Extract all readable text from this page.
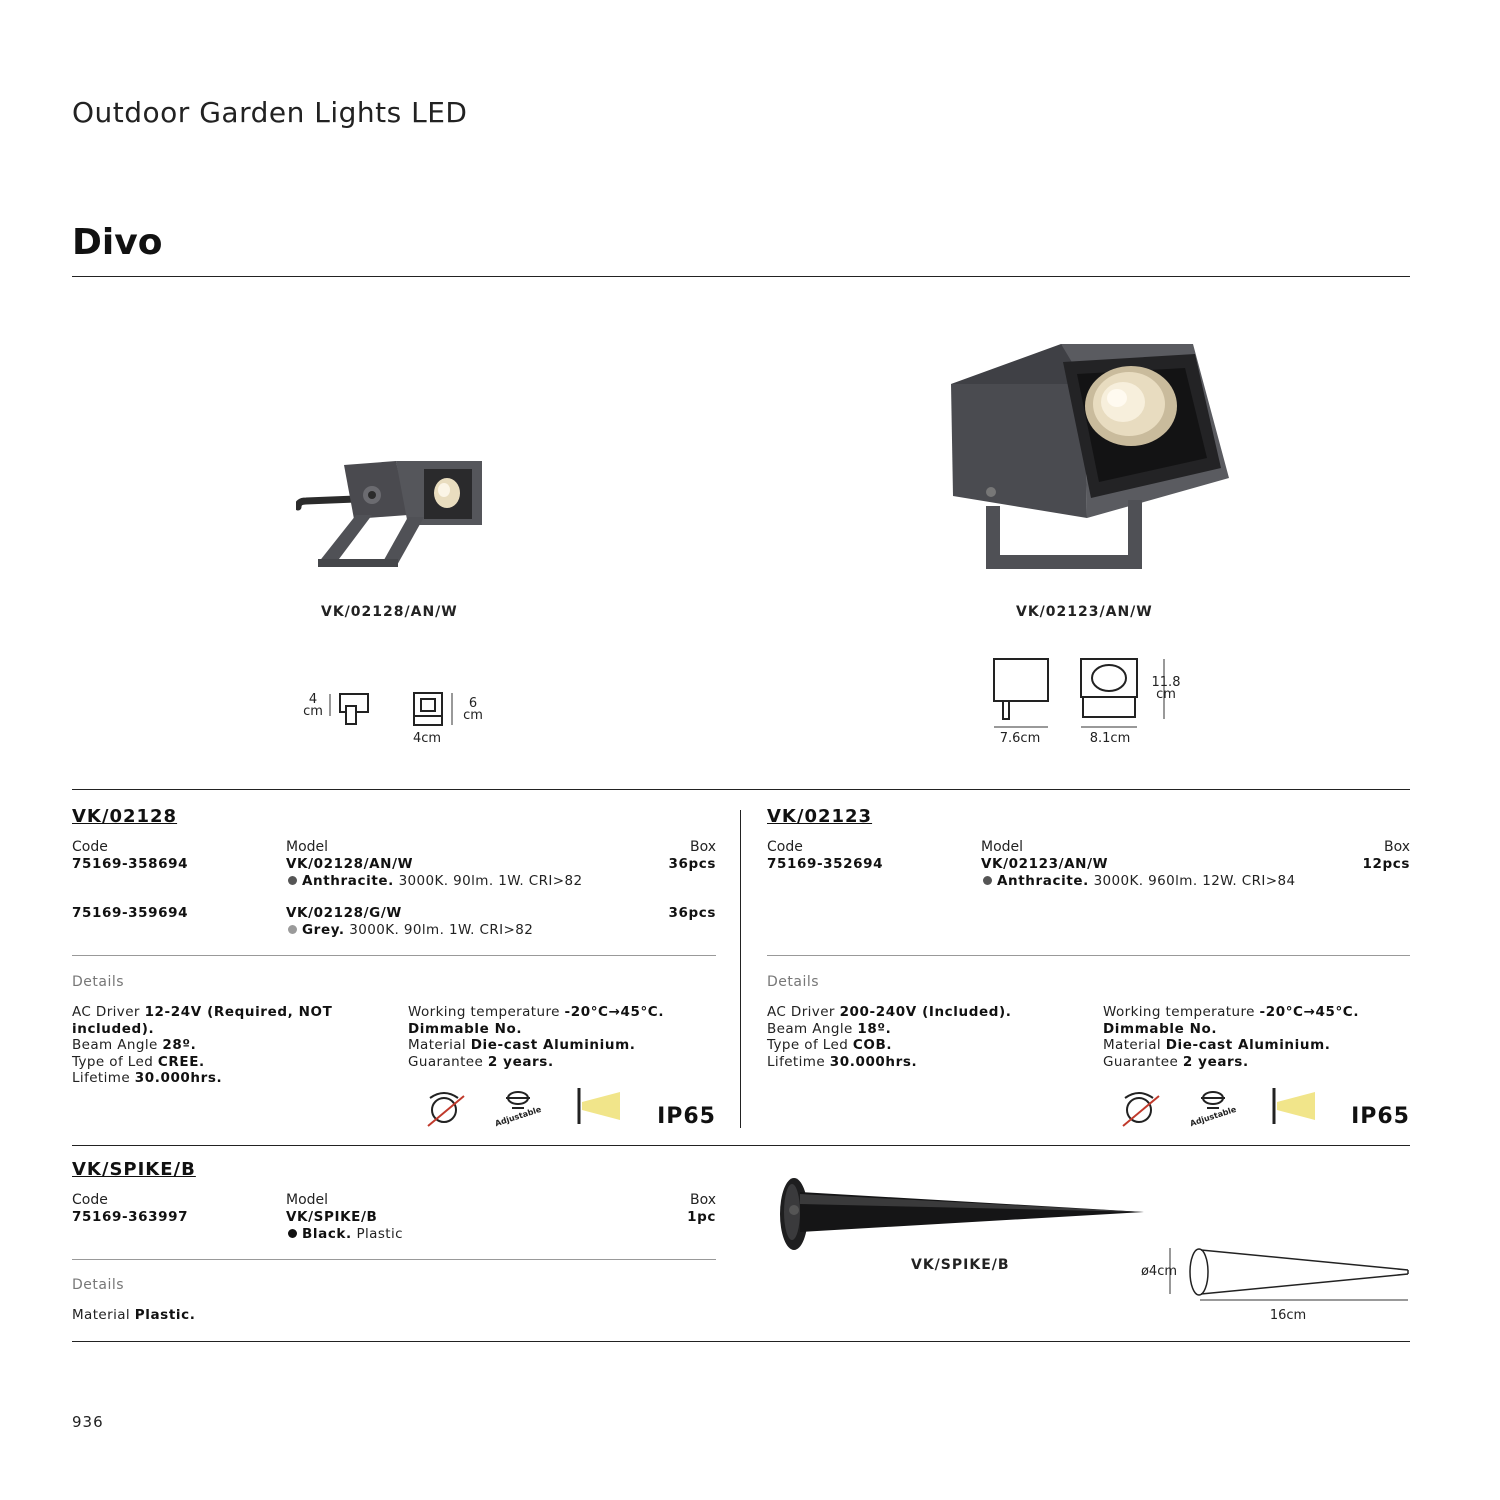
Outdoor Garden Lights LED
Divo
VK/02128/AN/W
4
cm
6
cm
4cm
VK/02123/AN/W
11.8
cm
7.6cm	8.1cm
VK/02128
Code	Model	Box
75169-358694	VK/02128/AN/W	36pcs
Anthracite. 3000K. 90lm. 1W. CRI>82
75169-359694	VK/02128/G/W	36pcs
Grey. 3000K. 90lm. 1W. CRI>82
Details
AC Driver 12-24V (Required, NOT
included).
Beam Angle 28º.
Type of Led CREE.
Lifetime 30.000hrs.
Working temperature -20°C→45°C.
Dimmable No.
Material Die-cast Aluminium.
Guarantee 2 years.
Adjustable	IP65
VK/02123
Code	Model	Box
75169-352694	VK/02123/AN/W	12pcs
Anthracite. 3000K. 960lm. 12W. CRI>84
Details
AC Driver 200-240V (Included).
Beam Angle 18º.
Type of Led COB.
Lifetime 30.000hrs.
Working temperature -20°C→45°C.
Dimmable No.
Material Die-cast Aluminium.
Guarantee 2 years.
Adjustable	IP65
VK/SPIKE/B
Code	Model	Box
75169-363997	VK/SPIKE/B	1pc
Black. Plastic
Details
Material Plastic.
VK/SPIKE/B	ø4cm
16cm
936
